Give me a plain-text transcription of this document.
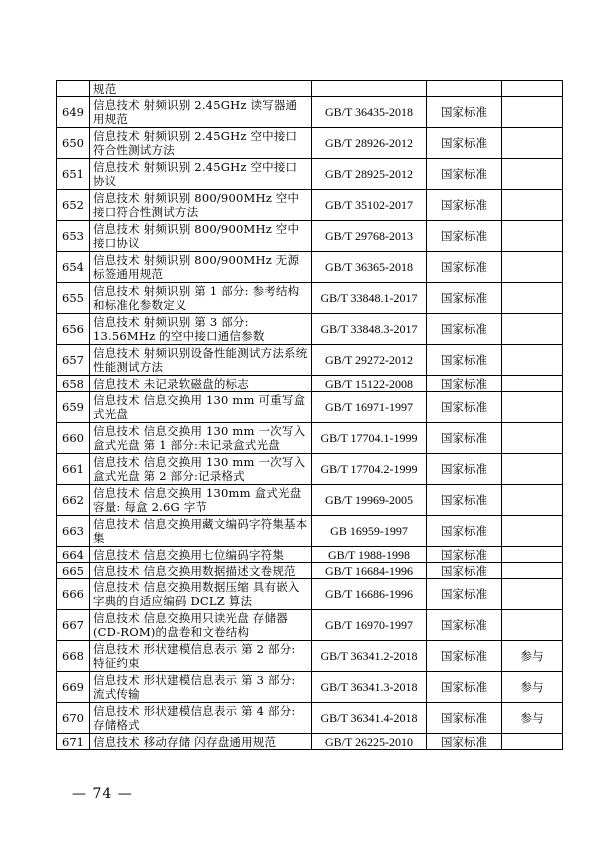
	规范			
649	信息技术 射频识别 2.45GHz 读写器通用规范	GB/T 36435-2018	国家标准	
650	信息技术 射频识别 2.45GHz 空中接口符合性测试方法	GB/T 28926-2012	国家标准	
651	信息技术 射频识别 2.45GHz 空中接口协议	GB/T 28925-2012	国家标准	
652	信息技术 射频识别 800/900MHz 空中接口符合性测试方法	GB/T 35102-2017	国家标准	
653	信息技术 射频识别 800/900MHz 空中接口协议	GB/T 29768-2013	国家标准	
654	信息技术 射频识别 800/900MHz 无源标签通用规范	GB/T 36365-2018	国家标准	
655	信息技术 射频识别 第 1 部分: 参考结构和标准化参数定义	GB/T 33848.1-2017	国家标准	
656	信息技术 射频识别 第 3 部分: 13.56MHz 的空中接口通信参数	GB/T 33848.3-2017	国家标准	
657	信息技术 射频识别设备性能测试方法系统性能测试方法	GB/T 29272-2012	国家标准	
658	信息技术 未记录软磁盘的标志	GB/T 15122-2008	国家标准	
659	信息技术 信息交换用 130 mm 可重写盒式光盘	GB/T 16971-1997	国家标准	
660	信息技术 信息交换用 130 mm 一次写入盒式光盘 第 1 部分:未记录盒式光盘	GB/T 17704.1-1999	国家标准	
661	信息技术 信息交换用 130 mm 一次写入盒式光盘 第 2 部分:记录格式	GB/T 17704.2-1999	国家标准	
662	信息技术 信息交换用 130mm 盒式光盘容量: 每盒 2.6G 字节	GB/T 19969-2005	国家标准	
663	信息技术 信息交换用藏文编码字符集基本集	GB 16959-1997	国家标准	
664	信息技术 信息交换用七位编码字符集	GB/T 1988-1998	国家标准	
665	信息技术 信息交换用数据描述文卷规范	GB/T 16684-1996	国家标准	
666	信息技术 信息交换用数据压缩 具有嵌入字典的自适应编码 DCLZ 算法	GB/T 16686-1996	国家标准	
667	信息技术 信息交换用只读光盘 存储器(CD-ROM)的盘卷和文卷结构	GB/T 16970-1997	国家标准	
668	信息技术 形状建模信息表示 第 2 部分: 特征约束	GB/T 36341.2-2018	国家标准	参与
669	信息技术 形状建模信息表示 第 3 部分: 流式传输	GB/T 36341.3-2018	国家标准	参与
670	信息技术 形状建模信息表示 第 4 部分: 存储格式	GB/T 36341.4-2018	国家标准	参与
671	信息技术 移动存储 闪存盘通用规范	GB/T 26225-2010	国家标准	
— 74 —
